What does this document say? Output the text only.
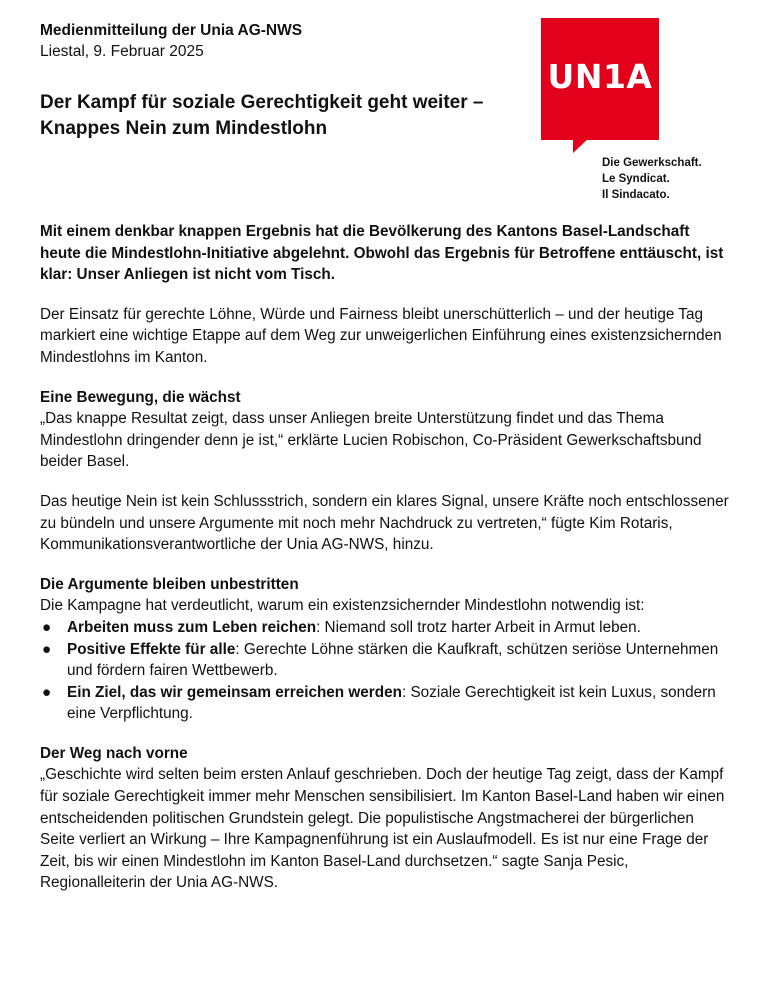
Medienmitteilung der Unia AG-NWS
Liestal, 9. Februar 2025
Der Kampf für soziale Gerechtigkeit geht weiter –
Knappes Nein zum Mindestlohn
UN1A
Die Gewerkschaft.
Le Syndicat.
Il Sindacato.

Mit einem denkbar knappen Ergebnis hat die Bevölkerung des Kantons Basel-Landschaft heute die Mindestlohn-Initiative abgelehnt. Obwohl das Ergebnis für Betroffene enttäuscht, ist klar: Unser Anliegen ist nicht vom Tisch.

Der Einsatz für gerechte Löhne, Würde und Fairness bleibt unerschütterlich – und der heutige Tag markiert eine wichtige Etappe auf dem Weg zur unweigerlichen Einführung eines existenzsichernden Mindestlohns im Kanton.

Eine Bewegung, die wächst
„Das knappe Resultat zeigt, dass unser Anliegen breite Unterstützung findet und das Thema Mindestlohn dringender denn je ist,“ erklärte Lucien Robischon, Co-Präsident Gewerkschaftsbund beider Basel.

Das heutige Nein ist kein Schlussstrich, sondern ein klares Signal, unsere Kräfte noch entschlossener zu bündeln und unsere Argumente mit noch mehr Nachdruck zu vertreten,“ fügte Kim Rotaris, Kommunikationsverantwortliche der Unia AG-NWS, hinzu.

Die Argumente bleiben unbestritten
Die Kampagne hat verdeutlicht, warum ein existenzsichernder Mindestlohn notwendig ist:

● Arbeiten muss zum Leben reichen: Niemand soll trotz harter Arbeit in Armut leben.
● Positive Effekte für alle: Gerechte Löhne stärken die Kaufkraft, schützen seriöse Unternehmen und fördern fairen Wettbewerb.
● Ein Ziel, das wir gemeinsam erreichen werden: Soziale Gerechtigkeit ist kein Luxus, sondern eine Verpflichtung.

Der Weg nach vorne
„Geschichte wird selten beim ersten Anlauf geschrieben. Doch der heutige Tag zeigt, dass der Kampf für soziale Gerechtigkeit immer mehr Menschen sensibilisiert. Im Kanton Basel-Land haben wir einen entscheidenden politischen Grundstein gelegt. Die populistische Angstmacherei der bürgerlichen Seite verliert an Wirkung – Ihre Kampagnenführung ist ein Auslaufmodell. Es ist nur eine Frage der Zeit, bis wir einen Mindestlohn im Kanton Basel-Land durchsetzen.“ sagte Sanja Pesic, Regionalleiterin der Unia AG-NWS.
